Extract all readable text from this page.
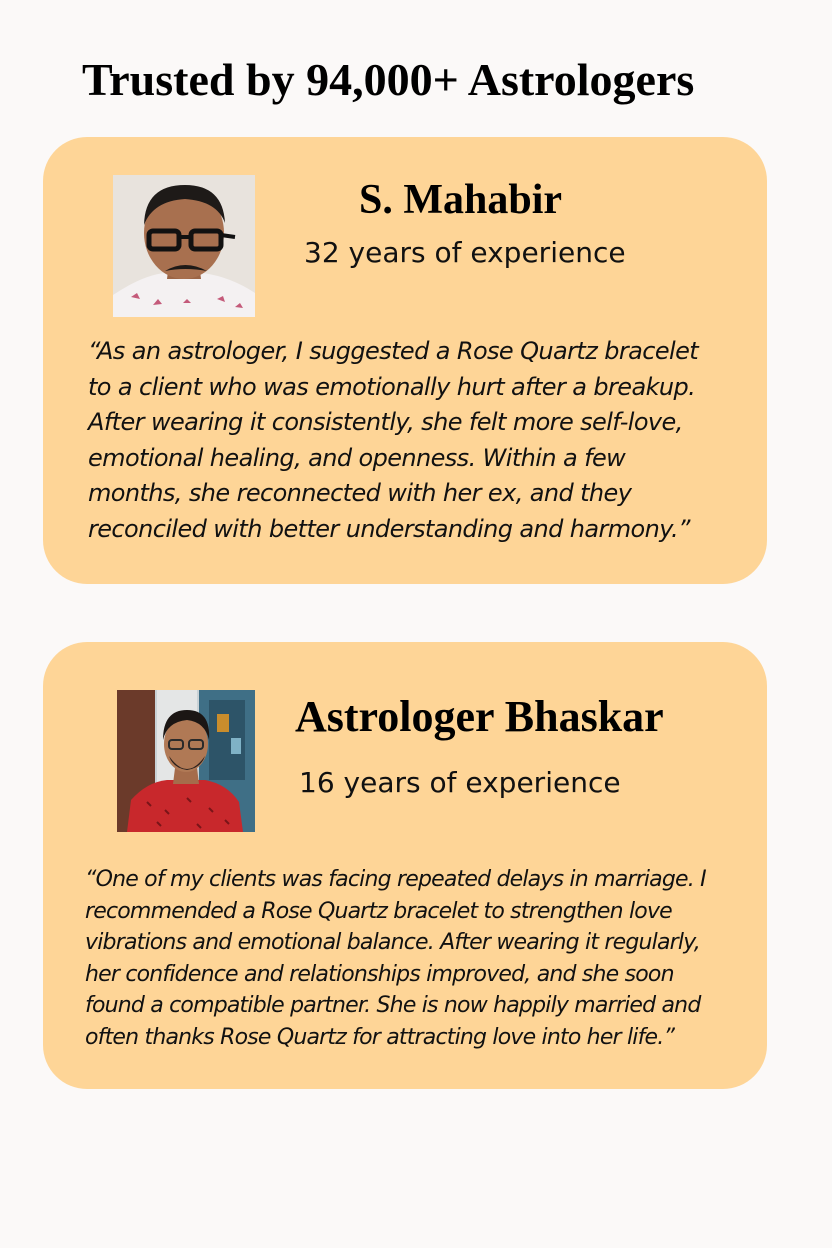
Trusted by 94,000+ Astrologers
S. Mahabir
32 years of experience

“As an astrologer, I suggested a Rose Quartz bracelet
to a client who was emotionally hurt after a breakup.
After wearing it consistently, she felt more self-love,
emotional healing, and openness. Within a few
months, she reconnected with her ex, and they
reconciled with better understanding and harmony.”

Astrologer Bhaskar
16 years of experience

“One of my clients was facing repeated delays in marriage. I
recommended a Rose Quartz bracelet to strengthen love
vibrations and emotional balance. After wearing it regularly,
her confidence and relationships improved, and she soon
found a compatible partner. She is now happily married and
often thanks Rose Quartz for attracting love into her life.”
